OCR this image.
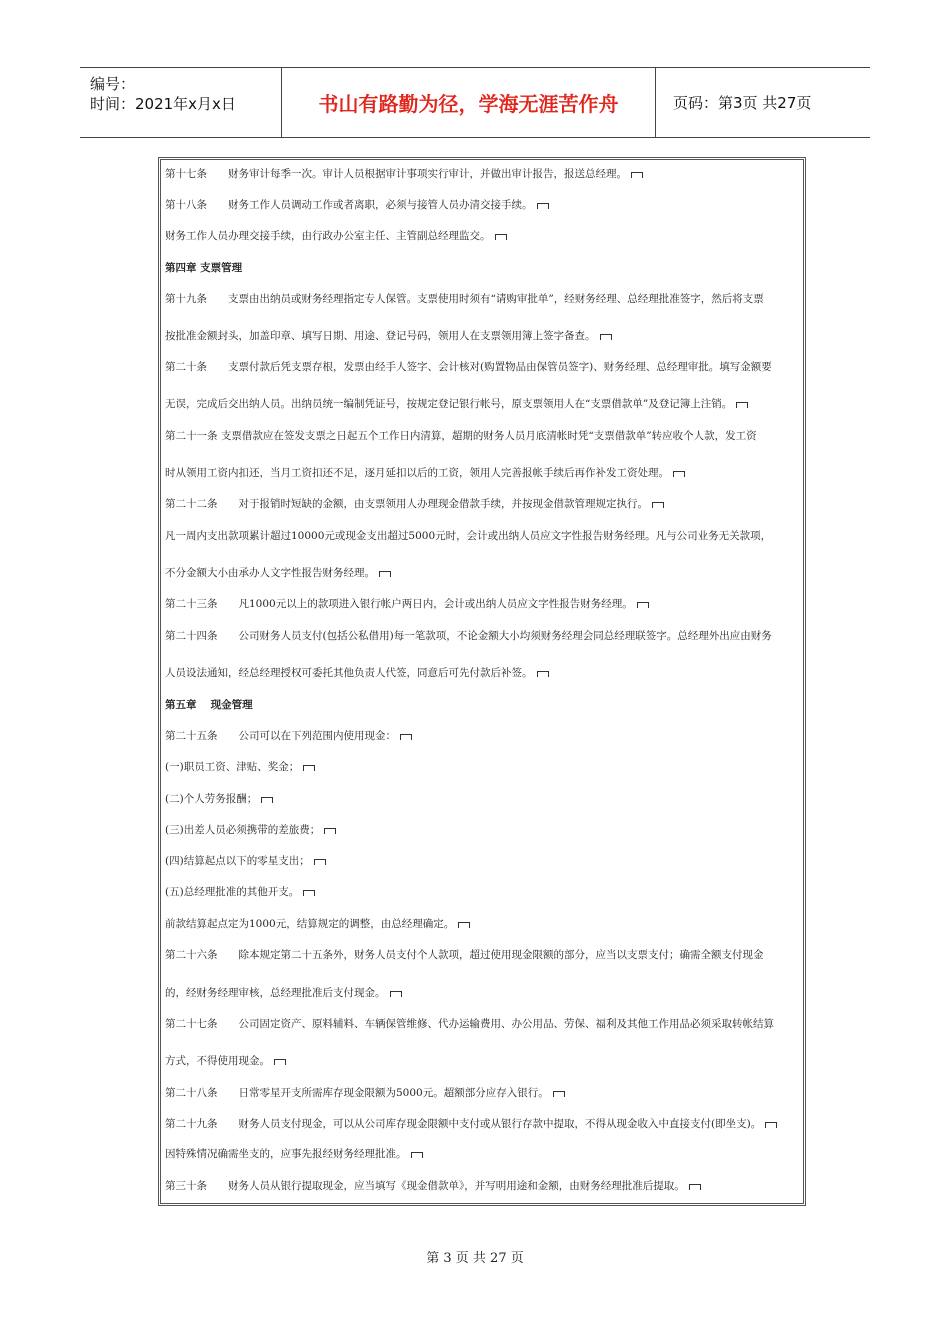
编号：
时间：2021年x月x日	书山有路勤为径，学海无涯苦作舟	页码：第3页 共27页
第十七条　　财务审计每季一次。审计人员根据审计事项实行审计，并做出审计报告，报送总经理。
第十八条　　财务工作人员调动工作或者离职，必须与接管人员办清交接手续。
财务工作人员办理交接手续，由行政办公室主任、主管副总经理监交。
第四章 支票管理
第十九条　　支票由出纳员或财务经理指定专人保管。支票使用时须有“请购审批单”，经财务经理、总经理批准签字，然后将支票
按批准金额封头，加盖印章、填写日期、用途、登记号码，领用人在支票领用簿上签字备查。
第二十条　　支票付款后凭支票存根，发票由经手人签字、会计核对(购置物品由保管员签字)、财务经理、总经理审批。填写金额要
无误，完成后交出纳人员。出纳员统一编制凭证号，按规定登记银行帐号，原支票领用人在“支票借款单”及登记簿上注销。
第二十一条 支票借款应在签发支票之日起五个工作日内清算，超期的财务人员月底清帐时凭“支票借款单”转应收个人款，发工资
时从领用工资内扣还，当月工资扣还不足，逐月延扣以后的工资，领用人完善报帐手续后再作补发工资处理。
第二十二条　　对于报销时短缺的金额，由支票领用人办理现金借款手续，并按现金借款管理规定执行。
凡一周内支出款项累计超过10000元或现金支出超过5000元时，会计或出纳人员应文字性报告财务经理。凡与公司业务无关款项，
不分金额大小由承办人文字性报告财务经理。
第二十三条　　凡1000元以上的款项进入银行帐户两日内，会计或出纳人员应文字性报告财务经理。
第二十四条　　公司财务人员支付(包括公私借用)每一笔款项，不论金额大小均须财务经理会同总经理联签字。总经理外出应由财务
人员设法通知，经总经理授权可委托其他负责人代签，同意后可先付款后补签。
第五章　 现金管理
第二十五条　　公司可以在下列范围内使用现金：
(一)职员工资、津贴、奖金；
(二)个人劳务报酬；
(三)出差人员必须携带的差旅费；
(四)结算起点以下的零星支出；
(五)总经理批准的其他开支。
前款结算起点定为1000元，结算规定的调整，由总经理确定。
第二十六条　　除本规定第二十五条外，财务人员支付个人款项，超过使用现金限额的部分，应当以支票支付；确需全额支付现金
的，经财务经理审核，总经理批准后支付现金。
第二十七条　　公司固定资产、原料辅料、车辆保管维修、代办运输费用、办公用品、劳保、福利及其他工作用品必须采取转帐结算
方式，不得使用现金。
第二十八条　　日常零星开支所需库存现金限额为5000元。超额部分应存入银行。
第二十九条　　财务人员支付现金，可以从公司库存现金限额中支付或从银行存款中提取，不得从现金收入中直接支付(即坐支)。
因特殊情况确需坐支的，应事先报经财务经理批准。
第三十条　　财务人员从银行提取现金，应当填写《现金借款单》，并写明用途和金额，由财务经理批准后提取。
第 3 页 共 27 页
